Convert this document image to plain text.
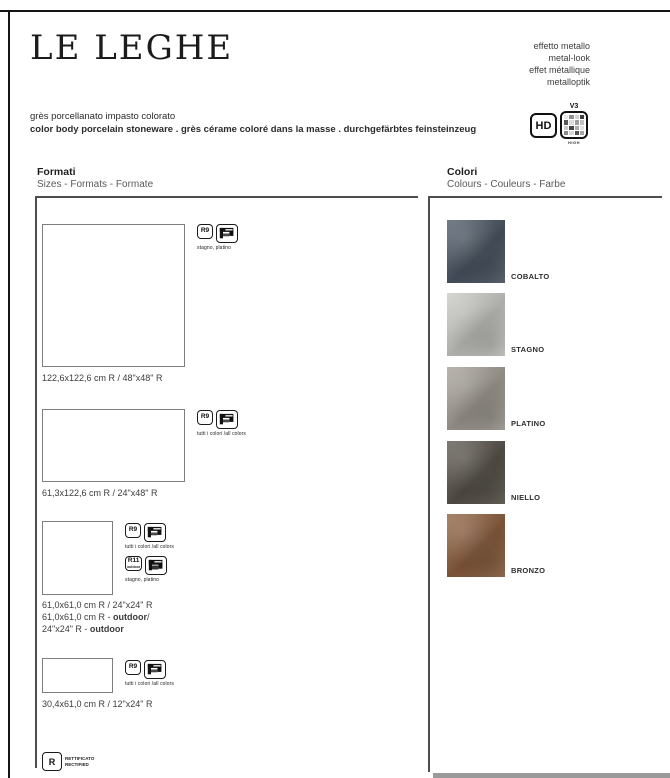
LE LEGHE	effetto metallo
metal-look
effet métallique
metalloptik
grès porcellanato impasto colorato
color body porcelain stoneware . grès cérame coloré dans la masse . durchgefärbtes feinsteinzeug	HD
V3
HIGH
Formati
Sizes - Formats - Formate
122,6x122,6 cm R / 48"x48" R
R9
stagno, platino
61,3x122,6 cm R / 24"x48" R
R9
tutti i colori /all colors
61,0x61,0 cm R / 24"x24" R
61,0x61,0 cm R - outdoor/
24"x24" R - outdoor
R9
tutti i colori /all colors
R11
outdoor
stagno, platino
30,4x61,0 cm R / 12"x24" R
R9
tutti i colori /all colors
R	RETTIFICATO
RECTIFIED
Colori
Colours - Couleurs - Farbe
COBALTO
STAGNO
PLATINO
NIELLO
BRONZO
